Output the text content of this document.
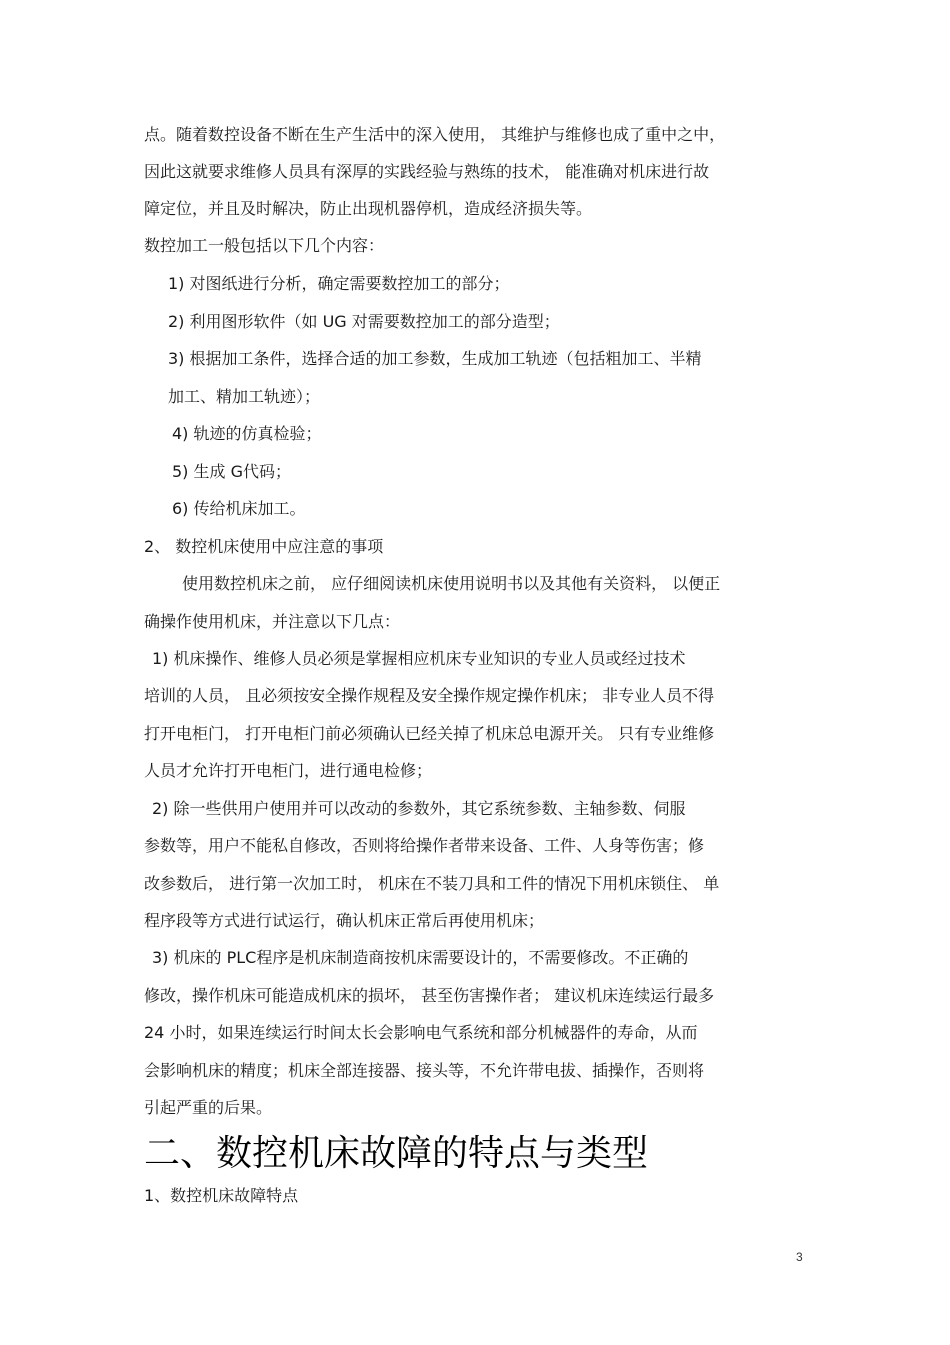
点。随着数控设备不断在生产生活中的深入使用， 其维护与维修也成了重中之中，
因此这就要求维修人员具有深厚的实践经验与熟练的技术， 能准确对机床进行故
障定位，并且及时解决，防止出现机器停机，造成经济损失等。
数控加工一般包括以下几个内容：
1) 对图纸进行分析，确定需要数控加工的部分；
2) 利用图形软件（如 UG 对需要数控加工的部分造型；
3) 根据加工条件，选择合适的加工参数，生成加工轨迹（包括粗加工、半精
加工、精加工轨迹）；
4) 轨迹的仿真检验；
5) 生成 G代码；
6) 传给机床加工。
2、 数控机床使用中应注意的事项
使用数控机床之前， 应仔细阅读机床使用说明书以及其他有关资料， 以便正
确操作使用机床，并注意以下几点：
1) 机床操作、维修人员必须是掌握相应机床专业知识的专业人员或经过技术
培训的人员， 且必须按安全操作规程及安全操作规定操作机床； 非专业人员不得
打开电柜门， 打开电柜门前必须确认已经关掉了机床总电源开关。 只有专业维修
人员才允许打开电柜门，进行通电检修；
2) 除一些供用户使用并可以改动的参数外，其它系统参数、主轴参数、伺服
参数等，用户不能私自修改，否则将给操作者带来设备、工件、人身等伤害；修
改参数后， 进行第一次加工时， 机床在不装刀具和工件的情况下用机床锁住、 单
程序段等方式进行试运行，确认机床正常后再使用机床；
3) 机床的 PLC程序是机床制造商按机床需要设计的，不需要修改。不正确的
修改，操作机床可能造成机床的损坏， 甚至伤害操作者； 建议机床连续运行最多
24 小时，如果连续运行时间太长会影响电气系统和部分机械器件的寿命，从而
会影响机床的精度；机床全部连接器、接头等，不允许带电拔、插操作，否则将
引起严重的后果。
二、数控机床故障的特点与类型
1、数控机床故障特点
3
